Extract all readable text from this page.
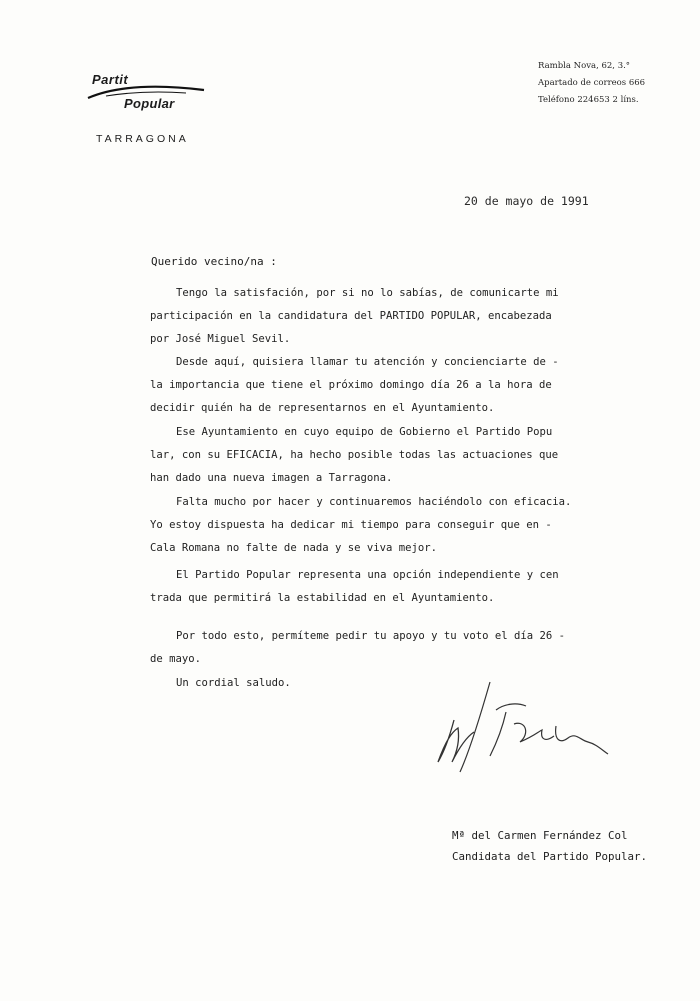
Partit
Popular
TARRAGONA
Rambla Nova, 62, 3.°
Apartado de correos 666
Teléfono 224653 2 líns.
20 de mayo de 1991
Querido vecino/na :
Tengo la satisfación, por si no lo sabías, de comunicarte mi
participación en la candidatura del PARTIDO POPULAR, encabezada
por José Miguel Sevil.
Desde aquí, quisiera llamar tu atención y concienciarte de -
la importancia que tiene el próximo domingo día 26 a la hora de
decidir quién ha de representarnos en el Ayuntamiento.
Ese Ayuntamiento en cuyo equipo de Gobierno el Partido Popu
lar, con su EFICACIA, ha hecho posible todas las actuaciones que
han dado una nueva imagen a Tarragona.
Falta mucho por hacer y continuaremos haciéndolo con eficacia.
Yo estoy dispuesta ha dedicar mi tiempo para conseguir que en -
Cala Romana no falte de nada y se viva mejor.
El Partido Popular representa una opción independiente y cen
trada que permitirá la estabilidad en el Ayuntamiento.
Por todo esto, permíteme pedir tu apoyo y tu voto el día 26 -
de mayo.
Un cordial saludo.
Mª del Carmen Fernández Col
Candidata del Partido Popular.
